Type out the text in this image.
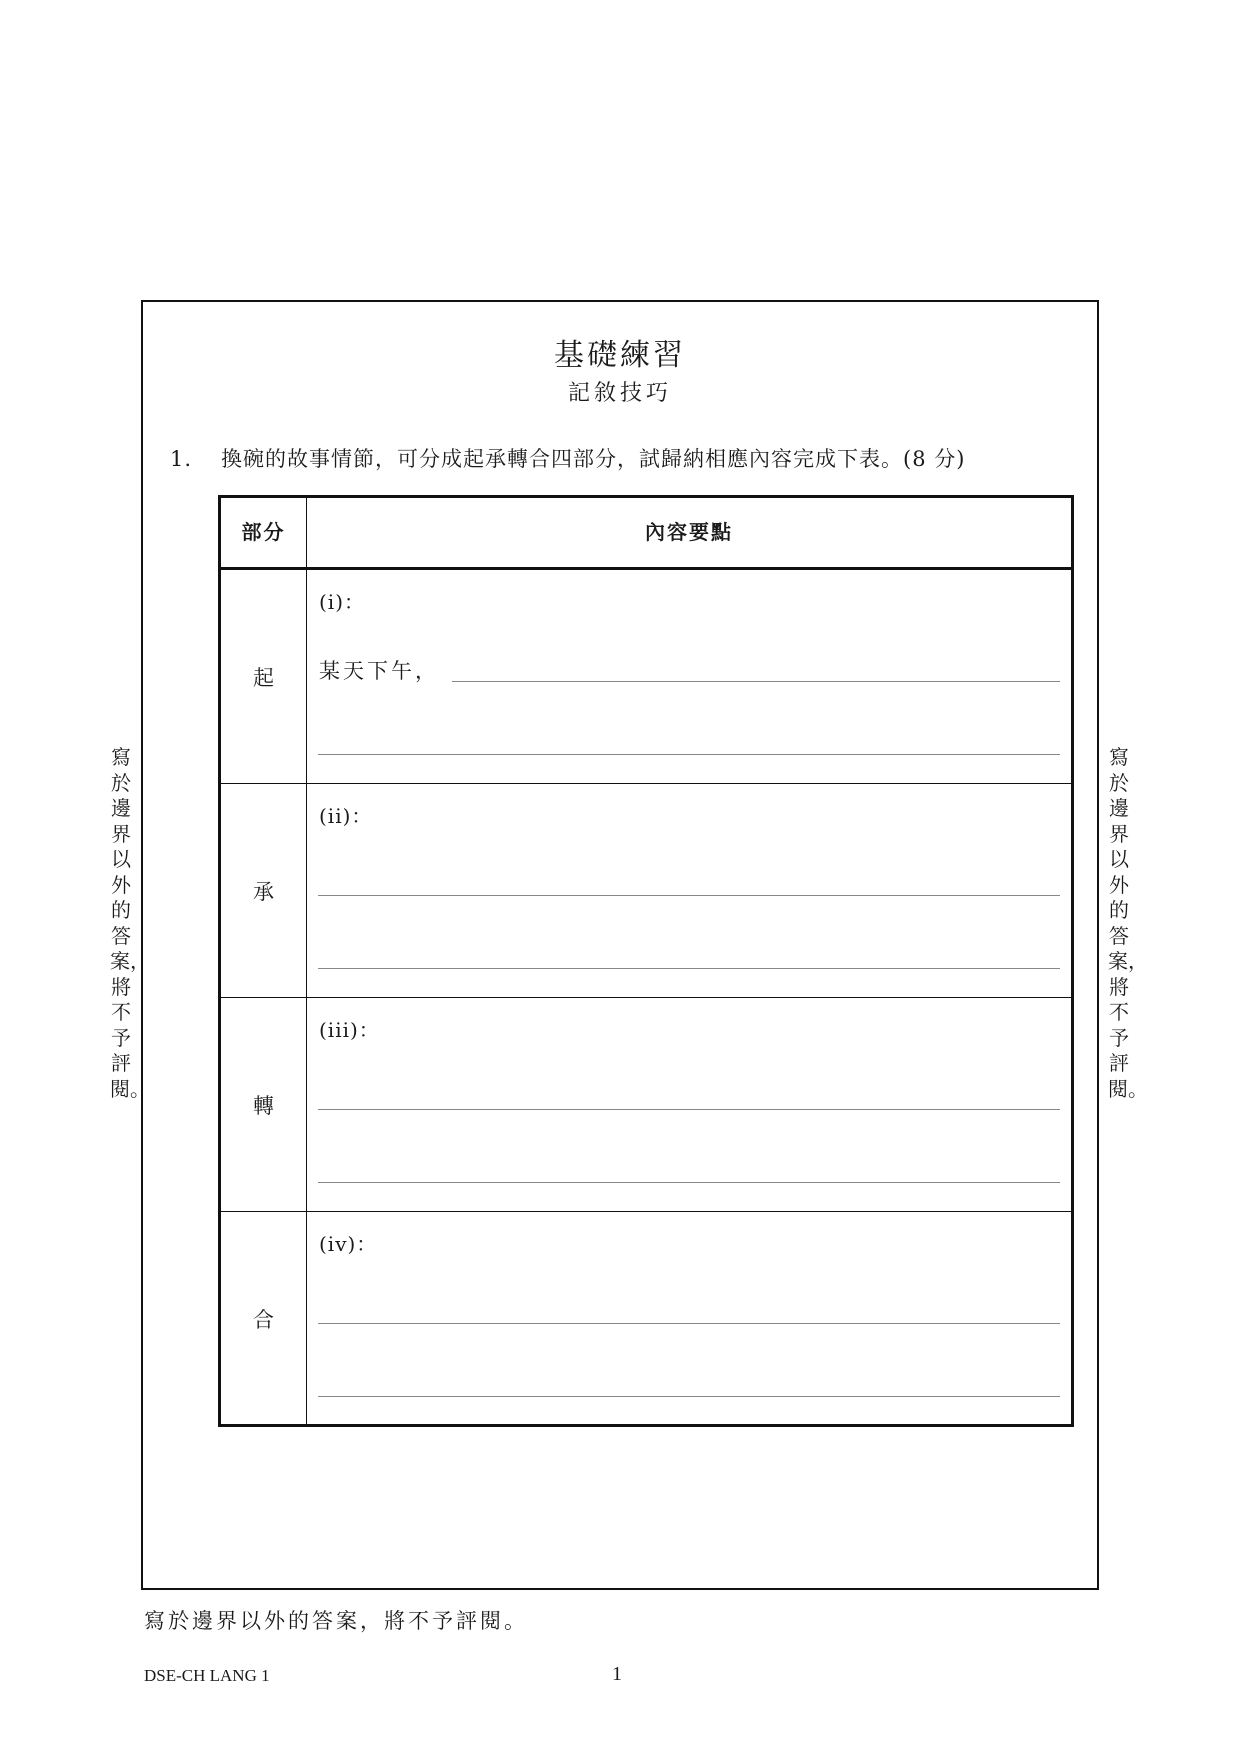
基礎練習
記敘技巧
1. 換碗的故事情節，可分成起承轉合四部分，試歸納相應內容完成下表。(8 分)
部分	內容要點
起
(i)：
某天下午，
承
(ii)：
轉
(iii)：
合
(iv)：
寫於邊界以外的答案，將不予評閱。
寫於邊界以外的答案，將不予評閱。
寫於邊界以外的答案，將不予評閱。
DSE-CH LANG 1	1
